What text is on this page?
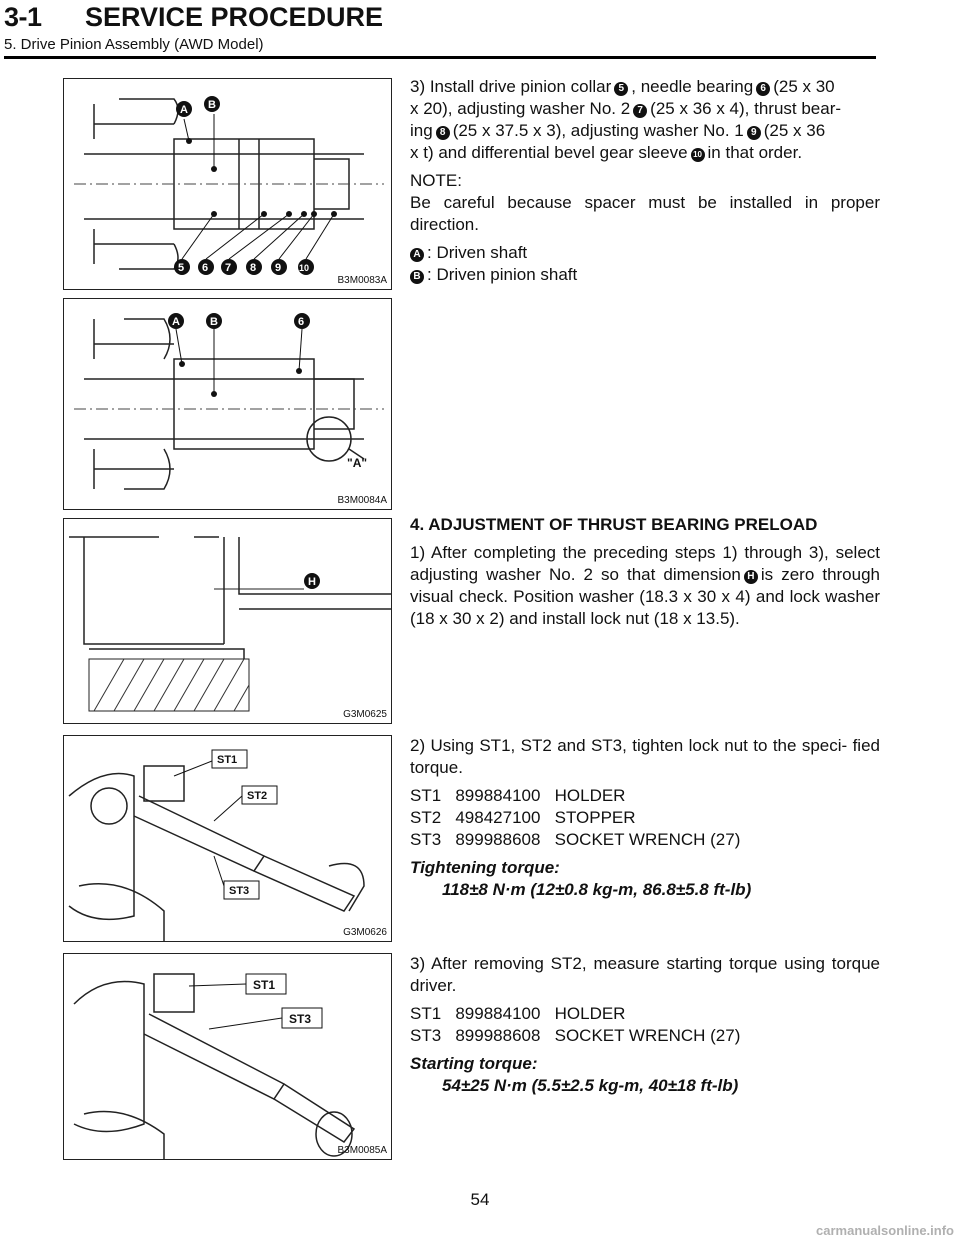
3-1 SERVICE PROCEDURE
5. Drive Pinion Assembly (AWD Model)
A B
5 6 7 8 9 10
B3M0083A
A	B	6
"A"
B3M0084A
H
G3M0625
ST1
ST2
ST3
G3M0626
ST1
ST3
B3M0085A
3) Install drive pinion collar 5 , needle bearing 6 (25 x 30
x 20), adjusting washer No. 2 7 (25 x 36 x 4), thrust bear-
ing 8 (25 x 37.5 x 3), adjusting washer No. 1 9 (25 x 36
x t) and differential bevel gear sleeve 10 in that order.
NOTE:

Be careful because spacer must be installed in proper direction.

A : Driven shaft
B : Driven pinion shaft

4. ADJUSTMENT OF THRUST BEARING PRELOAD

1) After completing the preceding steps 1) through 3), select adjusting washer No. 2 so that dimension H is zero through visual check. Position washer (18.3 x 30 x 4) and lock washer (18 x 30 x 2) and install lock nut (18 x 13.5).

2) Using ST1, ST2 and ST3, tighten lock nut to the speci- fied torque.

ST1   899884100   HOLDER
ST2   498427100   STOPPER
ST3   899988608   SOCKET WRENCH (27)
Tightening torque:
118±8 N·m (12±0.8 kg-m, 86.8±5.8 ft-lb)

3) After removing ST2, measure starting torque using torque driver.

ST1   899884100   HOLDER
ST3   899988608   SOCKET WRENCH (27)
Starting torque:
54±25 N·m (5.5±2.5 kg-m, 40±18 ft-lb)
54
carmanualsonline.info
